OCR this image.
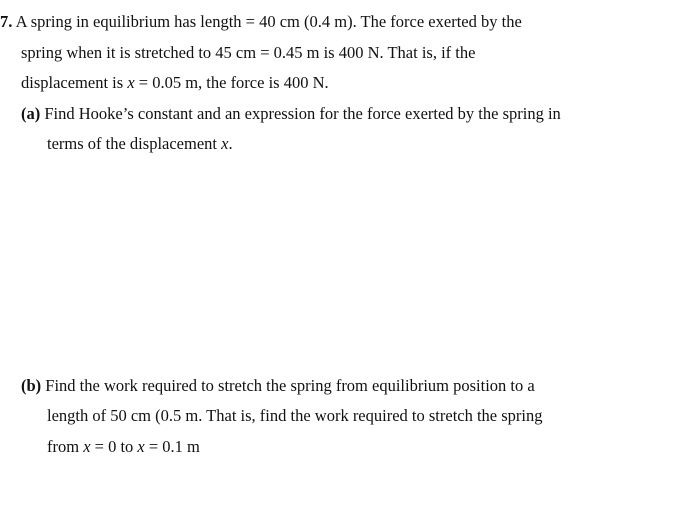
7. A spring in equilibrium has length = 40 cm (0.4 m). The force exerted by the
spring when it is stretched to 45 cm = 0.45 m is 400 N. That is, if the
displacement is x = 0.05 m, the force is 400 N.
(a) Find Hooke’s constant and an expression for the force exerted by the spring in
terms of the displacement x.
(b) Find the work required to stretch the spring from equilibrium position to a
length of 50 cm (0.5 m. That is, find the work required to stretch the spring
from x = 0 to x = 0.1 m
